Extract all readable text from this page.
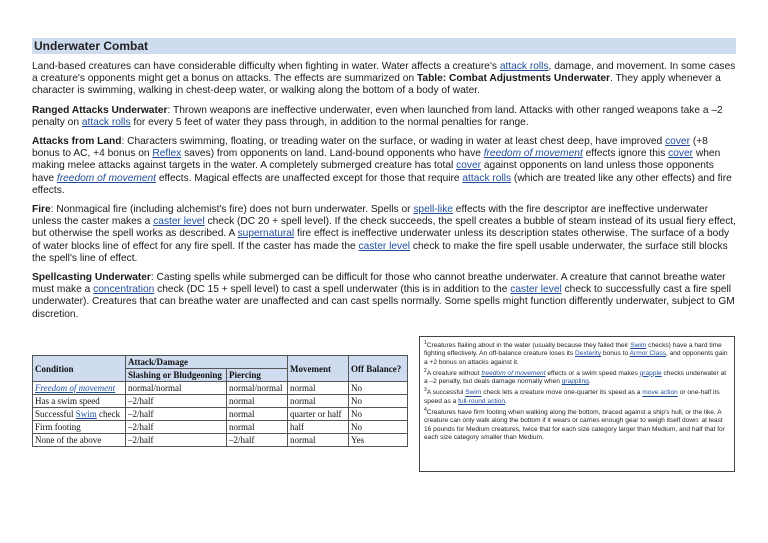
Underwater Combat

Land-based creatures can have considerable difficulty when fighting in water. Water affects a creature's attack rolls, damage, and movement. In some cases a creature's opponents might get a bonus on attacks. The effects are summarized on Table: Combat Adjustments Underwater. They apply whenever a character is swimming, walking in chest-deep water, or walking along the bottom of a body of water.

Ranged Attacks Underwater: Thrown weapons are ineffective underwater, even when launched from land. Attacks with other ranged weapons take a –2 penalty on attack rolls for every 5 feet of water they pass through, in addition to the normal penalties for range.

Attacks from Land: Characters swimming, floating, or treading water on the surface, or wading in water at least chest deep, have improved cover (+8 bonus to AC, +4 bonus on Reflex saves) from opponents on land. Land-bound opponents who have freedom of movement effects ignore this cover when making melee attacks against targets in the water. A completely submerged creature has total cover against opponents on land unless those opponents have freedom of movement effects. Magical effects are unaffected except for those that require attack rolls (which are treated like any other effects) and fire effects.

Fire: Nonmagical fire (including alchemist's fire) does not burn underwater. Spells or spell-like effects with the fire descriptor are ineffective underwater unless the caster makes a caster level check (DC 20 + spell level). If the check succeeds, the spell creates a bubble of steam instead of its usual fiery effect, but otherwise the spell works as described. A supernatural fire effect is ineffective underwater unless its description states otherwise. The surface of a body of water blocks line of effect for any fire spell. If the caster has made the caster level check to make the fire spell usable underwater, the surface still blocks the spell's line of effect.

Spellcasting Underwater: Casting spells while submerged can be difficult for those who cannot breathe underwater. A creature that cannot breathe water must make a concentration check (DC 15 + spell level) to cast a spell underwater (this is in addition to the caster level check to successfully cast a fire spell underwater). Creatures that can breathe water are unaffected and can cast spells normally. Some spells might function differently underwater, subject to GM discretion.

Condition	Attack/Damage		Movement	Off Balance?
	Slashing or Bludgeoning	Piercing		
Freedom of movement	normal/normal	normal/normal	normal	No
Has a swim speed	–2/half	normal	normal	No
Successful Swim check	–2/half	normal	quarter or half	No
Firm footing	–2/half	normal	half	No
None of the above	–2/half	–2/half	normal	Yes
$^1$Creatures flailing about in the water (usually because they failed their Swim checks) have a hard time fighting effectively. An off-balance creature loses its Dexterity bonus to Armor Class, and opponents gain a +2 bonus on attacks against it.
$^2$A creature without freedom of movement effects or a swim speed makes grapple checks underwater at a –2 penalty, but deals damage normally when grappling.
$^3$A successful Swim check lets a creature move one-quarter its speed as a move action or one-half its speed as a full-round action.
$^4$Creatures have firm footing when walking along the bottom, braced against a ship's hull, or the like. A creature can only walk along the bottom if it wears or carries enough gear to weigh itself down: at least 16 pounds for Medium creatures, twice that for each size category larger than Medium, and half that for each size category smaller than Medium.
